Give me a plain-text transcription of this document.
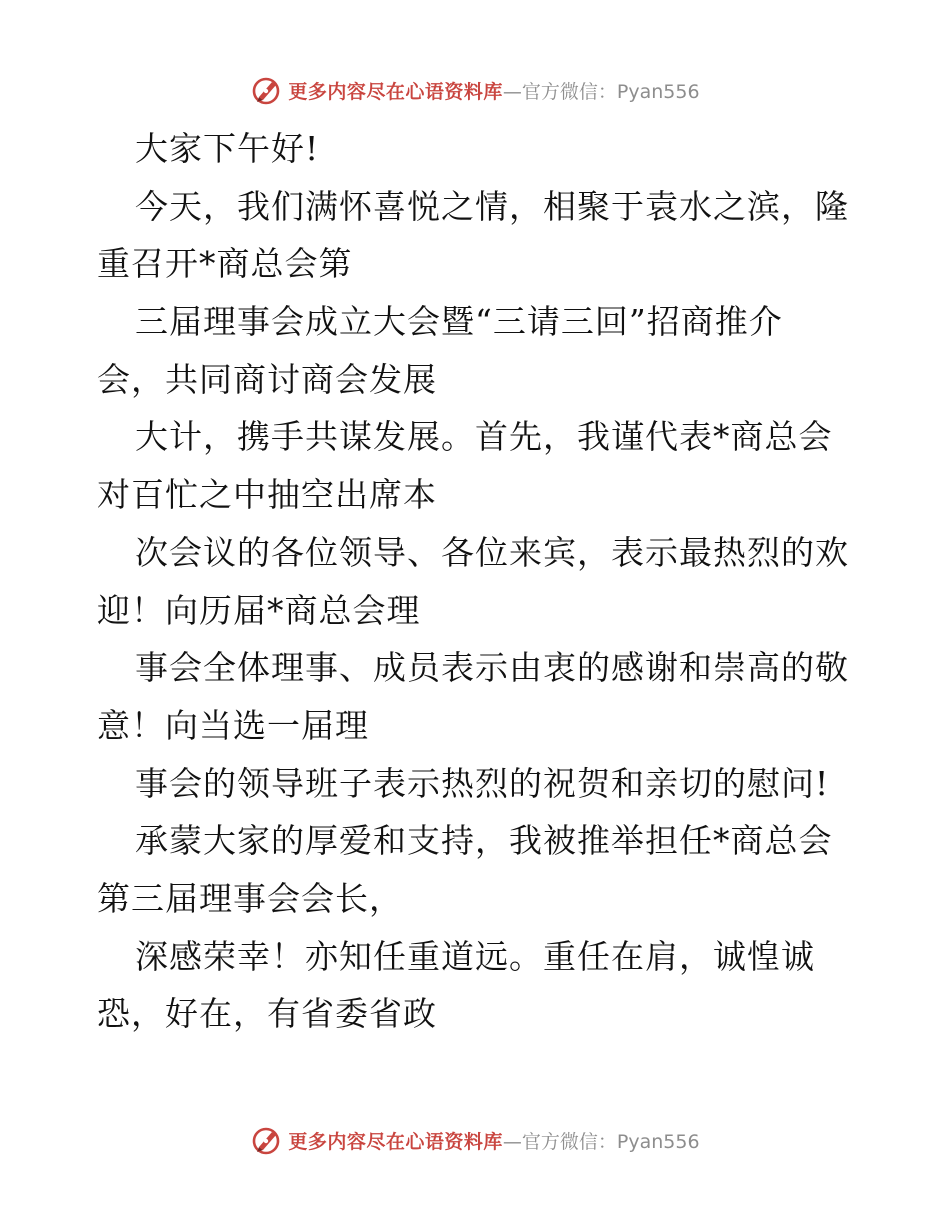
更多内容尽在心语资料库 —官方微信：Pyan556
大家下午好!
今天，我们满怀喜悦之情，相聚于袁水之滨，隆
重召开*商总会第
三届理事会成立大会暨“三请三回”招商推介
会，共同商讨商会发展
大计，携手共谋发展。首先，我谨代表*商总会
对百忙之中抽空出席本
次会议的各位领导、各位来宾，表示最热烈的欢
迎！向历届*商总会理
事会全体理事、成员表示由衷的感谢和崇高的敬
意！向当选一届理
事会的领导班子表示热烈的祝贺和亲切的慰问!
承蒙大家的厚爱和支持，我被推举担任*商总会
第三届理事会会长，
深感荣幸！亦知任重道远。重任在肩，诚惶诚
恐，好在，有省委省政
更多内容尽在心语资料库 —官方微信：Pyan556
